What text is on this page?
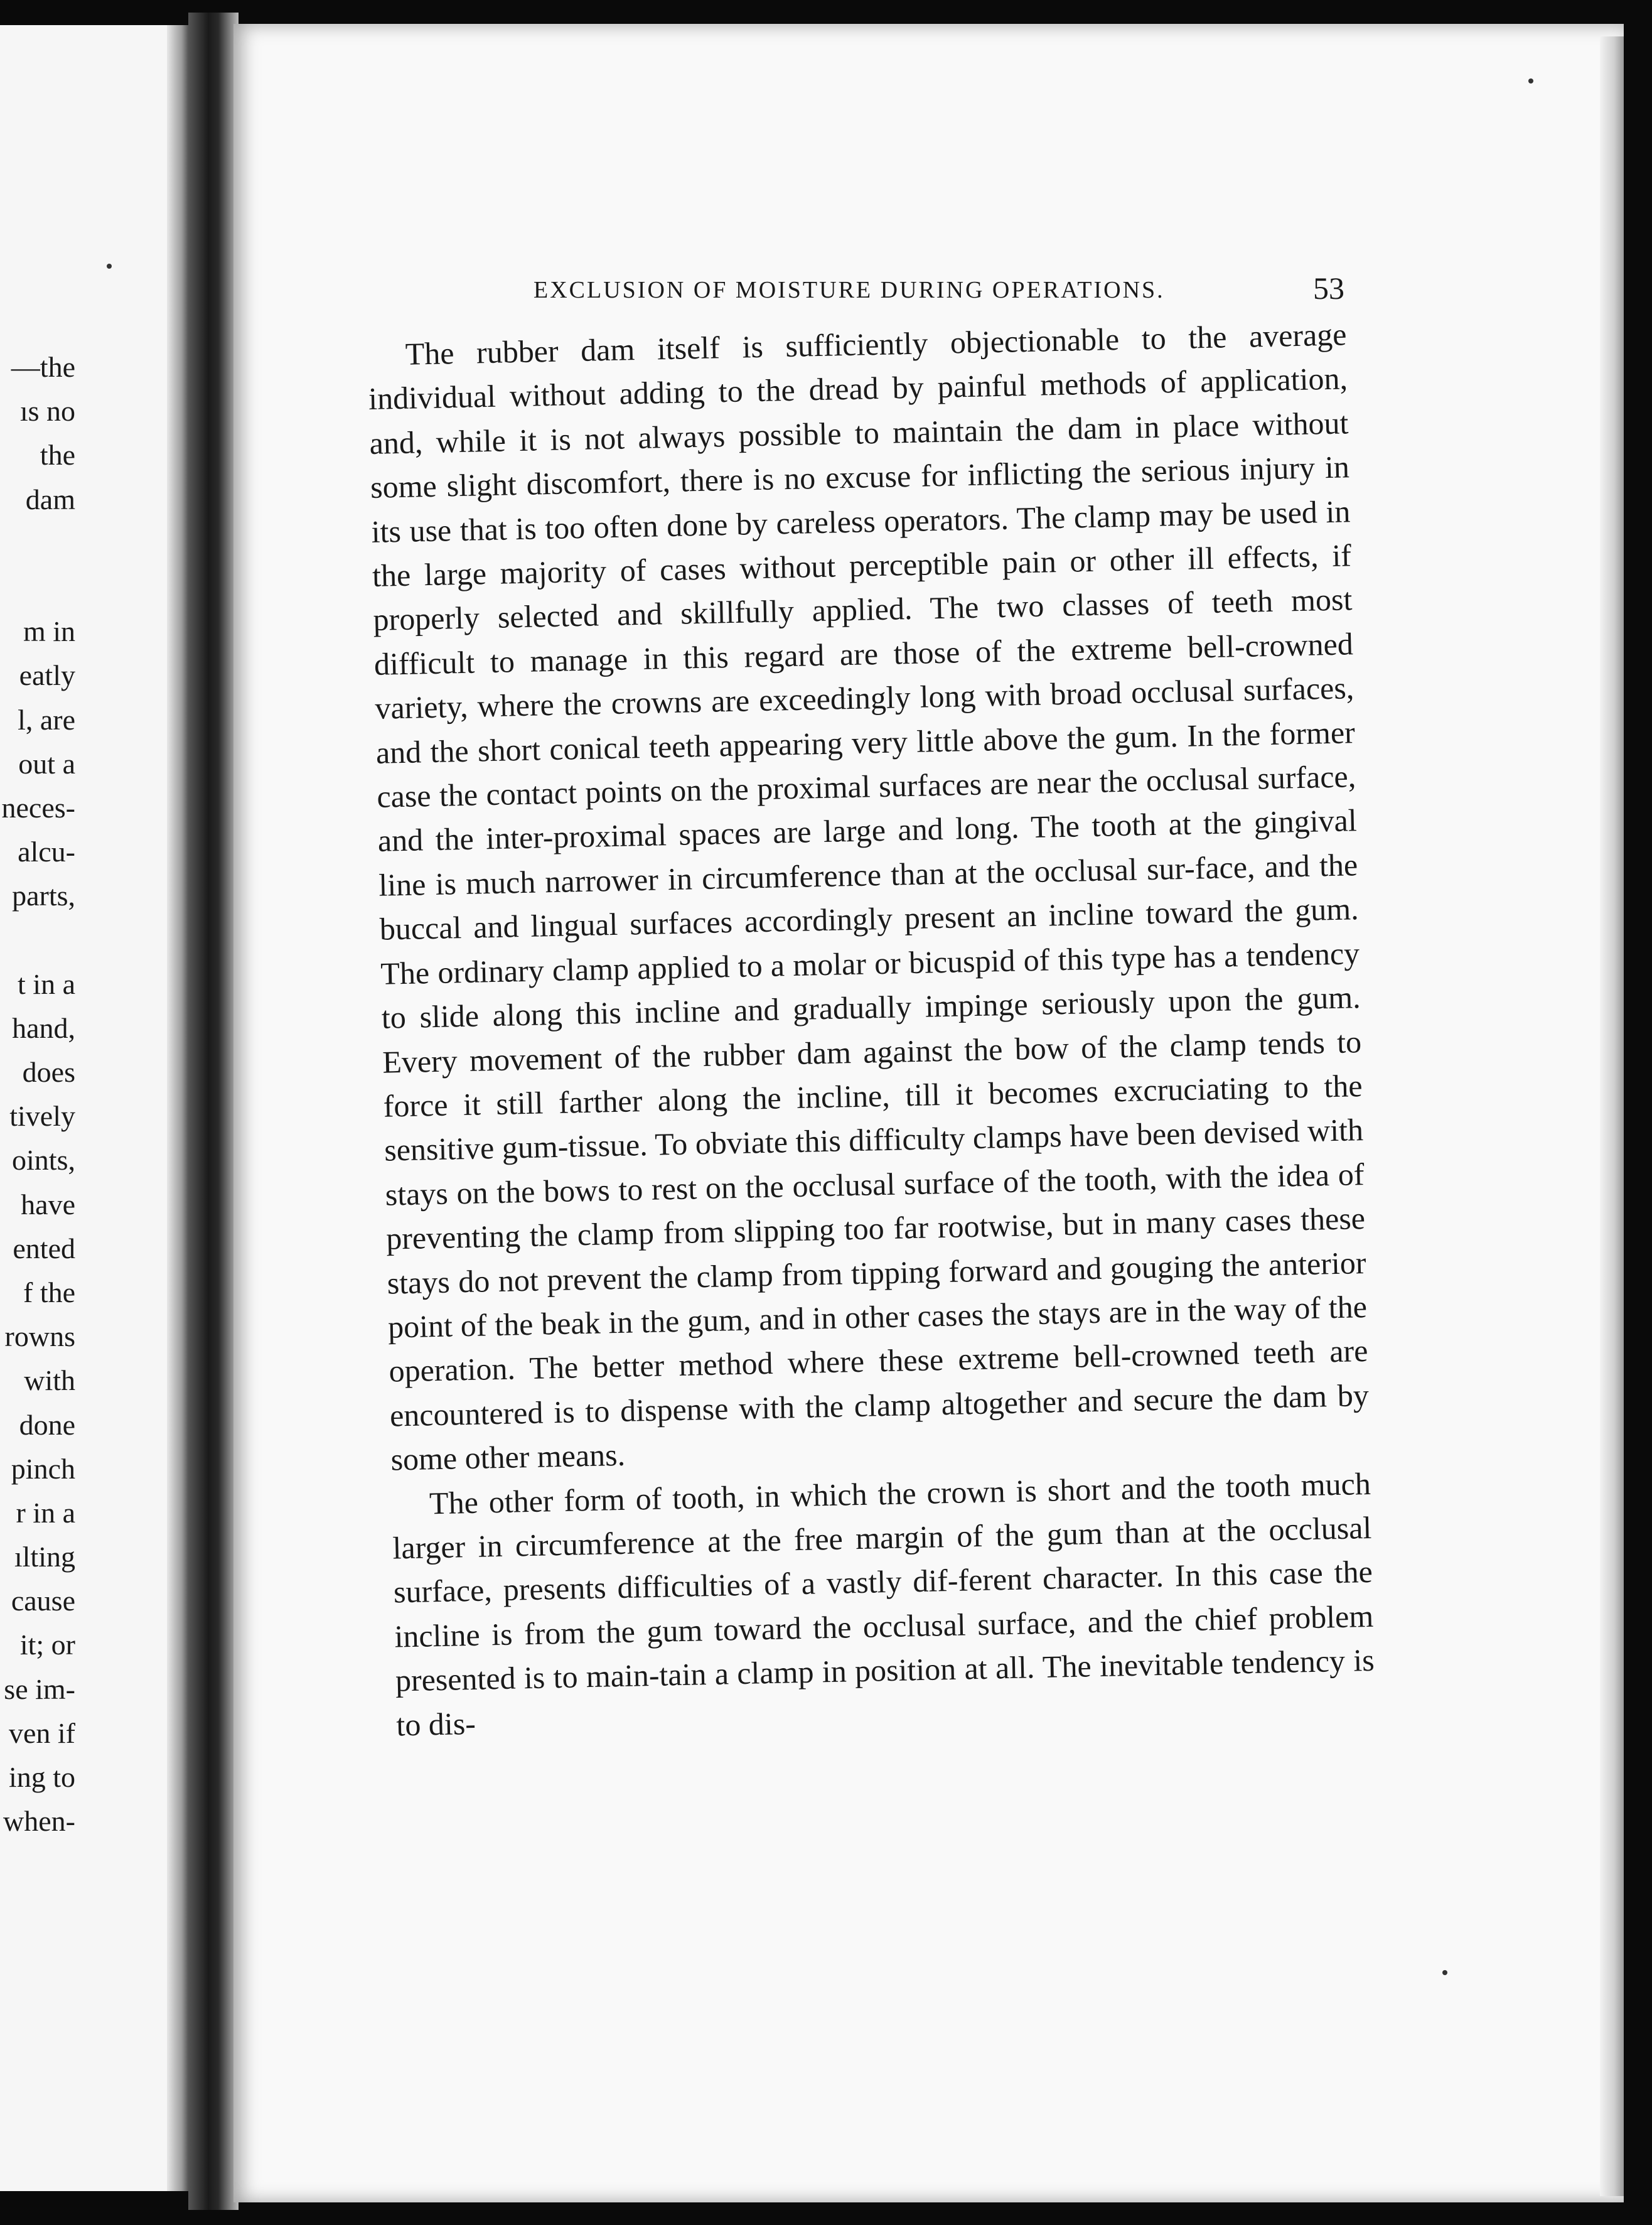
—the
ıs no
the
dam

m in
eatly
l, are
out a
neces-
alcu-
parts,

t in a
hand,
does
tively
oints,
have
ented
f the
rowns
with
done
pinch
r in a
ılting
cause
it; or
se im-
ven if
ing to
when-
EXCLUSION OF MOISTURE DURING OPERATIONS.	53

The rubber dam itself is sufficiently objectionable to the average individual without adding to the dread by painful methods of application, and, while it is not always possible to maintain the dam in place without some slight discomfort, there is no excuse for inflicting the serious injury in its use that is too often done by careless operators. The clamp may be used in the large majority of cases without perceptible pain or other ill effects, if properly selected and skillfully applied. The two classes of teeth most difficult to manage in this regard are those of the extreme bell-crowned variety, where the crowns are exceedingly long with broad occlusal surfaces, and the short conical teeth appearing very little above the gum. In the former case the contact points on the proximal surfaces are near the occlusal surface, and the inter-proximal spaces are large and long. The tooth at the gingival line is much narrower in circumference than at the occlusal sur-face, and the buccal and lingual surfaces accordingly present an incline toward the gum. The ordinary clamp applied to a molar or bicuspid of this type has a tendency to slide along this incline and gradually impinge seriously upon the gum. Every movement of the rubber dam against the bow of the clamp tends to force it still farther along the incline, till it becomes excruciating to the sensitive gum-tissue. To obviate this difficulty clamps have been devised with stays on the bows to rest on the occlusal surface of the tooth, with the idea of preventing the clamp from slipping too far rootwise, but in many cases these stays do not prevent the clamp from tipping forward and gouging the anterior point of the beak in the gum, and in other cases the stays are in the way of the operation. The better method where these extreme bell-crowned teeth are encountered is to dispense with the clamp altogether and secure the dam by some other means.

The other form of tooth, in which the crown is short and the tooth much larger in circumference at the free margin of the gum than at the occlusal surface, presents difficulties of a vastly dif-ferent character. In this case the incline is from the gum toward the occlusal surface, and the chief problem presented is to main-tain a clamp in position at all. The inevitable tendency is to dis-
